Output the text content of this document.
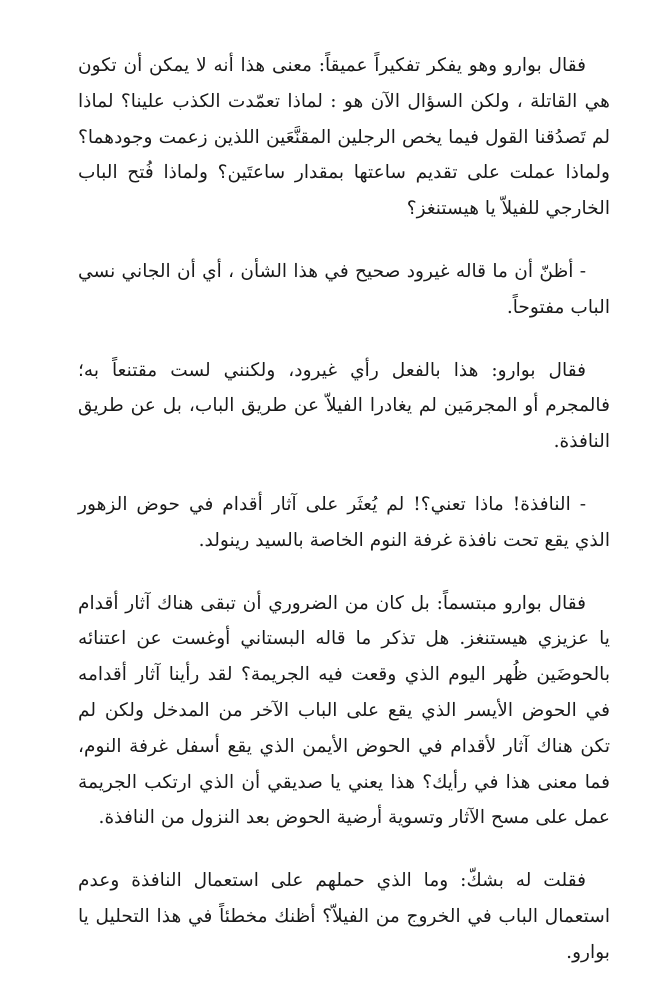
فقال بوارو وهو يفكر تفكيراً عميقاً: معنى هذا أنه لا يمكن أن تكون هي القاتلة ، ولكن السؤال الآن هو : لماذا تعمّدت الكذب علينا؟ لماذا لم تَصدُقنا القول فيما يخص الرجلين المقنَّعَين اللذين زعمت وجودهما؟ ولماذا عملت على تقديم ساعتها بمقدار ساعتَين؟ ولماذا فُتح الباب الخارجي للفيلاّ يا هيستنغز؟

- أظنّ أن ما قاله غيرود صحيح في هذا الشأن ، أي أن الجاني نسي الباب مفتوحاً.

فقال بوارو: هذا بالفعل رأي غيرود، ولكنني لست مقتنعاً به؛ فالمجرم أو المجرمَين لم يغادرا الفيلاّ عن طريق الباب، بل عن طريق النافذة.

- النافذة! ماذا تعني؟! لم يُعثَر على آثار أقدام في حوض الزهور الذي يقع تحت نافذة غرفة النوم الخاصة بالسيد رينولد.

فقال بوارو مبتسماً: بل كان من الضروري أن تبقى هناك آثار أقدام يا عزيزي هيستنغز. هل تذكر ما قاله البستاني أوغست عن اعتنائه بالحوضَين ظُهر اليوم الذي وقعت فيه الجريمة؟ لقد رأينا آثار أقدامه في الحوض الأيسر الذي يقع على الباب الآخر من المدخل ولكن لم تكن هناك آثار لأقدام في الحوض الأيمن الذي يقع أسفل غرفة النوم، فما معنى هذا في رأيك؟ هذا يعني يا صديقي أن الذي ارتكب الجريمة عمل على مسح الآثار وتسوية أرضية الحوض بعد النزول من النافذة.

فقلت له بشكّ: وما الذي حملهم على استعمال النافذة وعدم استعمال الباب في الخروج من الفيلاّ؟ أظنك مخطئاً في هذا التحليل يا بوارو.
